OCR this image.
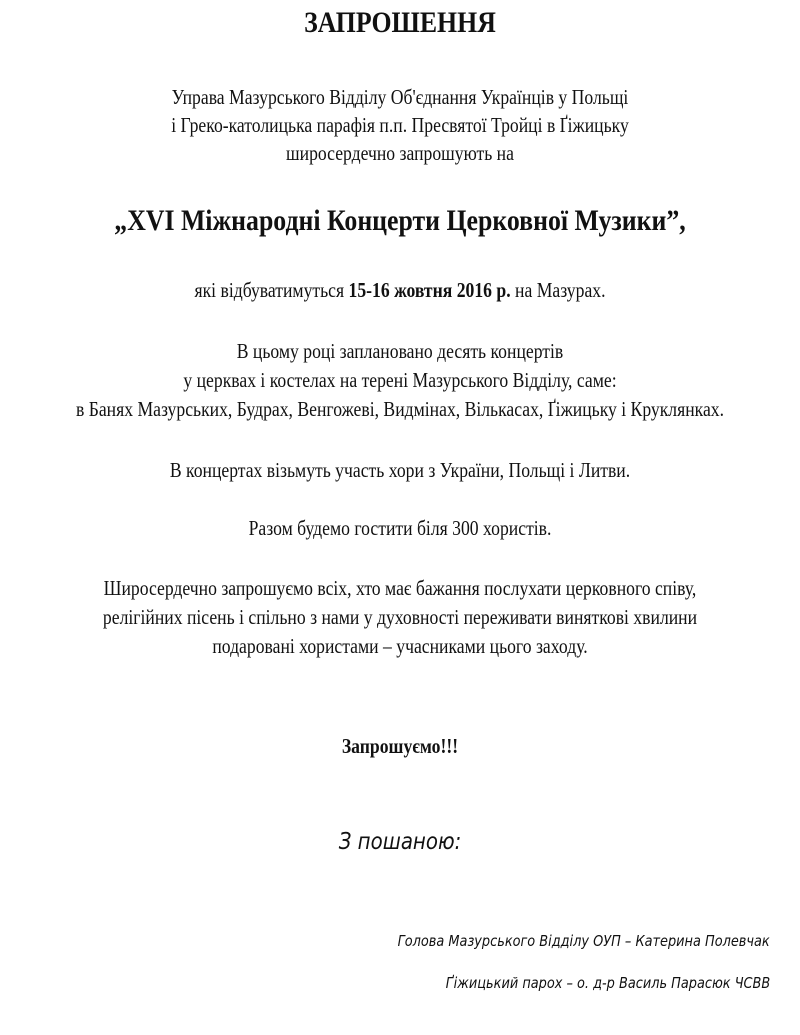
ЗАПРОШЕННЯ
Управа Мазурського Відділу Об'єднання Українців у Польщі
і Греко-католицька парафія п.п. Пресвятої Тройці в Ґіжицьку
широсердечно запрошують на
„XVI Міжнародні Концерти Церковної Музики”,
які відбуватимуться 15-16 жовтня 2016 р. на Мазурах.
В цьому році заплановано десять концертів
у церквах і костелах на терені Мазурського Відділу, саме:
в Банях Мазурських, Будрах, Венгожеві, Видмінах, Вількасах, Ґіжицьку і Круклянках.
В концертах візьмуть участь хори з України, Польщі і Литви.
Разом будемо гостити біля 300 хористів.
Широсердечно запрошуємо всіх, хто має бажання послухати церковного співу,
релігійних пісень і спільно з нами у духовності переживати виняткові хвилини
подаровані хористами – учасниками цього заходу.
Запрошуємо!!!
З пошаною:
Голова Мазурського Відділу ОУП – Катерина Полевчак
Ґіжицький парох – о. д-р Василь Парасюк ЧСВВ
